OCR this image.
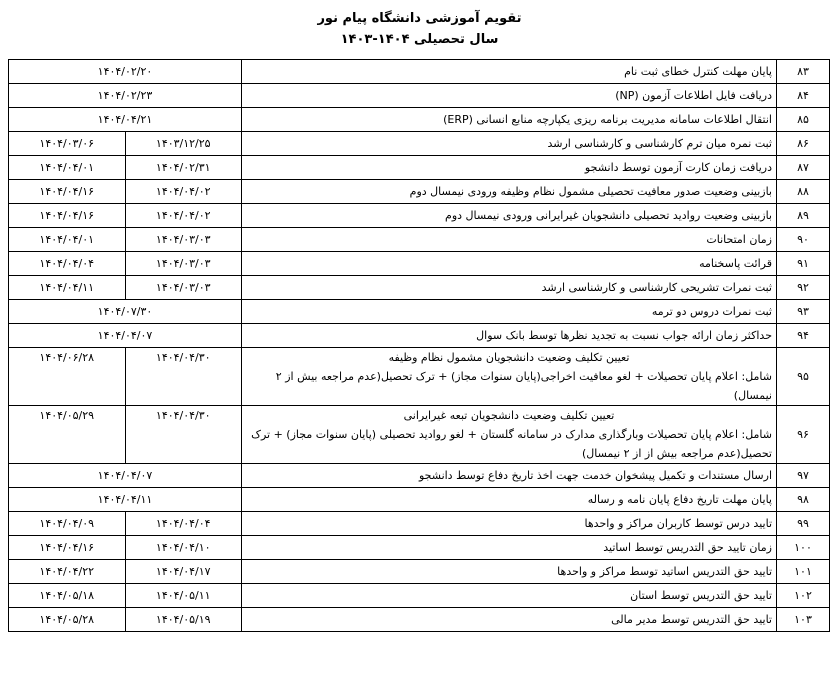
تقویم آموزشی دانشگاه پیام نور
سال تحصیلی ۱۴۰۴-۱۴۰۳
۸۳	پایان مهلت کنترل خطای ثبت نام	۱۴۰۴/۰۲/۲۰	
۸۴	دریافت فایل اطلاعات آزمون (NP)	۱۴۰۴/۰۲/۲۳	
۸۵	انتقال اطلاعات سامانه مدیریت برنامه ریزی یکپارچه منابع انسانی (ERP)	۱۴۰۴/۰۴/۲۱	
۸۶	ثبت نمره میان ترم کارشناسی و کارشناسی ارشد	۱۴۰۳/۱۲/۲۵	۱۴۰۴/۰۳/۰۶
۸۷	دریافت زمان کارت آزمون توسط دانشجو	۱۴۰۴/۰۲/۳۱	۱۴۰۴/۰۴/۰۱
۸۸	بازبینی وضعیت صدور معافیت تحصیلی مشمول نظام وظیفه ورودی نیمسال دوم	۱۴۰۴/۰۴/۰۲	۱۴۰۴/۰۴/۱۶
۸۹	بازبینی وضعیت روادید تحصیلی دانشجویان غیرایرانی ورودی نیمسال دوم	۱۴۰۴/۰۴/۰۲	۱۴۰۴/۰۴/۱۶
۹۰	زمان امتحانات	۱۴۰۴/۰۳/۰۳	۱۴۰۴/۰۴/۰۱
۹۱	قرائت پاسخنامه	۱۴۰۴/۰۳/۰۳	۱۴۰۴/۰۴/۰۴
۹۲	ثبت نمرات تشریحی کارشناسی و کارشناسی ارشد	۱۴۰۴/۰۳/۰۳	۱۴۰۴/۰۴/۱۱
۹۳	ثبت نمرات دروس دو ترمه	۱۴۰۴/۰۷/۳۰	
۹۴	حداکثر زمان ارائه جواب نسبت به تجدید نظرها توسط بانک سوال	۱۴۰۴/۰۴/۰۷	
۹۵	تعیین تکلیف وضعیت دانشجویان مشمول نظام وظیفه
شامل: اعلام پایان تحصیلات + لغو معافیت اخراجی(پایان سنوات مجاز) + ترک تحصیل(عدم مراجعه بیش از ۲ نیمسال)	۱۴۰۴/۰۴/۳۰	۱۴۰۴/۰۶/۲۸
۹۶	تعیین تکلیف وضعیت دانشجویان تبعه غیرایرانی
شامل: اعلام پایان تحصیلات وبارگذاری مدارک در سامانه گلستان + لغو روادید تحصیلی (پایان سنوات مجاز) + ترک تحصیل(عدم مراجعه بیش از از ۲ نیمسال)	۱۴۰۴/۰۴/۳۰	۱۴۰۴/۰۵/۲۹
۹۷	ارسال مستندات و تکمیل پیشخوان خدمت جهت اخذ تاریخ دفاع توسط دانشجو	۱۴۰۴/۰۴/۰۷	
۹۸	پایان مهلت تاریخ دفاع پایان نامه و رساله	۱۴۰۴/۰۴/۱۱	
۹۹	تایید درس توسط کاربران مراکز و واحدها	۱۴۰۴/۰۴/۰۴	۱۴۰۴/۰۴/۰۹
۱۰۰	زمان تایید حق التدریس توسط اساتید	۱۴۰۴/۰۴/۱۰	۱۴۰۴/۰۴/۱۶
۱۰۱	تایید حق التدریس اساتید توسط مراکز و واحدها	۱۴۰۴/۰۴/۱۷	۱۴۰۴/۰۴/۲۲
۱۰۲	تایید حق التدریس توسط استان	۱۴۰۴/۰۵/۱۱	۱۴۰۴/۰۵/۱۸
۱۰۳	تایید حق التدریس توسط مدیر مالی	۱۴۰۴/۰۵/۱۹	۱۴۰۴/۰۵/۲۸
